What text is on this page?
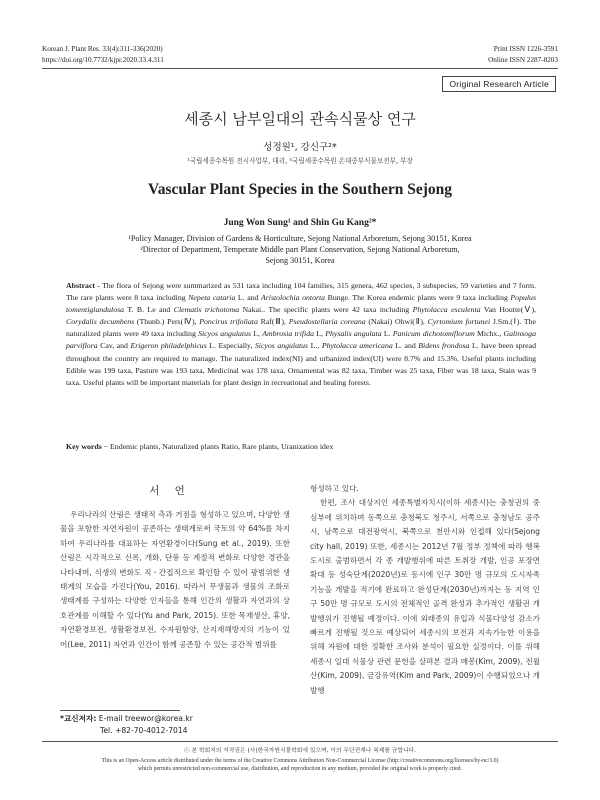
Korean J. Plant Res. 33(4):311-336(2020)
https://doi.org/10.7732/kjpr.2020.33.4.311
Print ISSN 1226-3591
Online ISSN 2287-8203
Original Research Article
세종시 남부일대의 관속식물상 연구
성정원¹, 강신구²*
¹국립세종수목원 전시사업부, 대리, ²국립세종수목원 온대중부식물보전부, 부장
Vascular Plant Species in the Southern Sejong
Jung Won Sung¹ and Shin Gu Kang²*
¹Policy Manager, Division of Gardens & Horticulture, Sejong National Arboretum, Sejong 30151, Korea
²Director of Department, Temperate Middle part Plant Conservation, Sejong National Arboretum,
Sejong 30151, Korea
Abstract - The flora of Sejong were summarized as 531 taxa including 104 families, 315 genera, 462 species, 3 subspecies, 59 varieties and 7 form. The rare plants were 8 taxa including Nepeta cataria L. and Aristolochia ontorta Bunge. The Korea endemic plants were 9 taxa including Populus tomentiglandulosa T. B. Le and Clematis trichotoma Nakai.. The specific plants were 42 taxa including Phytolacca esculenta Van Houtte(Ⅴ), Corydalis decumbens (Thunb.) Pers(Ⅳ), Poncirus trifoliata Raf(Ⅲ), Pseudostellaria coreana (Nakai) Ohwi(Ⅱ), Cyrtomium fortunei J.Sm.(Ⅰ). The naturalized plants were 49 taxa including Sicyos angulatus L, Ambrosia trifida L, Physalis angulata L. Panicum dichotomiflorum Michx., Galinsoga parviflora Cav, and Erigeron philadelphicus L. Especially, Sicyos angulatus L., Phytolacca americana L. and Bidens frondosa L. have been spread throughout the country are required to manage. The naturalized index(NI) and urbanized index(UI) were 8.7% and 15.3%. Useful plants including Edible was 199 taxa, Pasture was 193 taxa, Medicinal was 178 taxa, Ornamental was 82 taxa, Timber was 25 taxa, Fiber was 18 taxa, Stain was 9 taxa. Useful plants will be important materials for plant design in recreational and healing forests.
Key words − Endemic plants, Naturalized plants Ratio, Rare plants, Uranization idex
서 언
우리나라의 산림은 생태적 측과 거점을 형성하고 있으며, 다양한 생물을 포함한 자연자원이 공존하는 생태계로써 국토의 약 64%를 차지하여 우리나라를 대표하는 자연환경이다(Sung et al., 2019). 또한 산림은 시각적으로 신록, 개화, 단풍 등 계절적 변화로 다양한 경관을 나타내며, 식생의 변화도 직ㆍ간접적으로 확인할 수 있어 광범위한 생태계의 모습을 가진다(You, 2016). 따라서 무생물과 생물의 조화로 생태계를 구성하는 다양한 인자들을 통해 인간의 생활과 자연과의 상호관계를 이해할 수 있다(Yu and Park, 2015). 또한 목재생산, 휴양, 자연환경보전, 생활환경보전, 수자원함양, 산지재해방지의 기능이 있어(Lee, 2011) 자연과 인간이 함께 공존할 수 있는 공간적 범위를

형성하고 있다.

한편, 조사 대상지인 세종특별자치시(이하 세종시)는 충청권의 중심부에 위치하며 동쪽으로 충청북도 청주시, 서쪽으로 충청남도 공주시, 남쪽으로 대전광역시, 북쪽으로 천안시와 인접해 있다(Sejong city hall, 2019) 또한, 세종시는 2012년 7월 정부 정책에 따라 행복도시로 출범하면서 각 종 개발행위에 따른 토취장 개발, 인공 포장면 확대 등 성숙단계(2020년)로 동시에 인구 30만 명 규모의 도시자족 기능을 개발을 적기에 완료하고 완성단계(2030년)까지는 동 지역 인구 50만 명 규모로 도시의 전체적인 골격 완성과 추가적인 생활권 개발행위가 진행될 예정이다. 이에 외래종의 유입과 식물다양성 감소가 빠르게 진행될 것으로 예상되어 세종시의 보전과 지속가능한 이용을 위해 자원에 대한 정확한 조사와 분석이 필요한 실정이다. 이를 위해 세종시 일대 식물상 관련 문헌을 살펴본 결과 매봉(Kim, 2009), 전월산(Kim, 2009), 금강유역(Kim and Park, 2009)이 수행되었으나 개발행

*교신저자: E-mail treewor@korea.kr
Tel. +82-70-4012-7014
ⓒ 본 학회지의 저작권은 (사)한국자원식물학회에 있으며, 이의 무단전재나 복제를 금합니다.
This is an Open-Access article distributed under the terms of the Creative Commons Attribution Non-Commercial License (http://creativecommons.org/licenses/by-nc/3.0)
which permits unrestricted non-commercial use, distribution, and reproduction in any medium, provided the original work is properly cited.
